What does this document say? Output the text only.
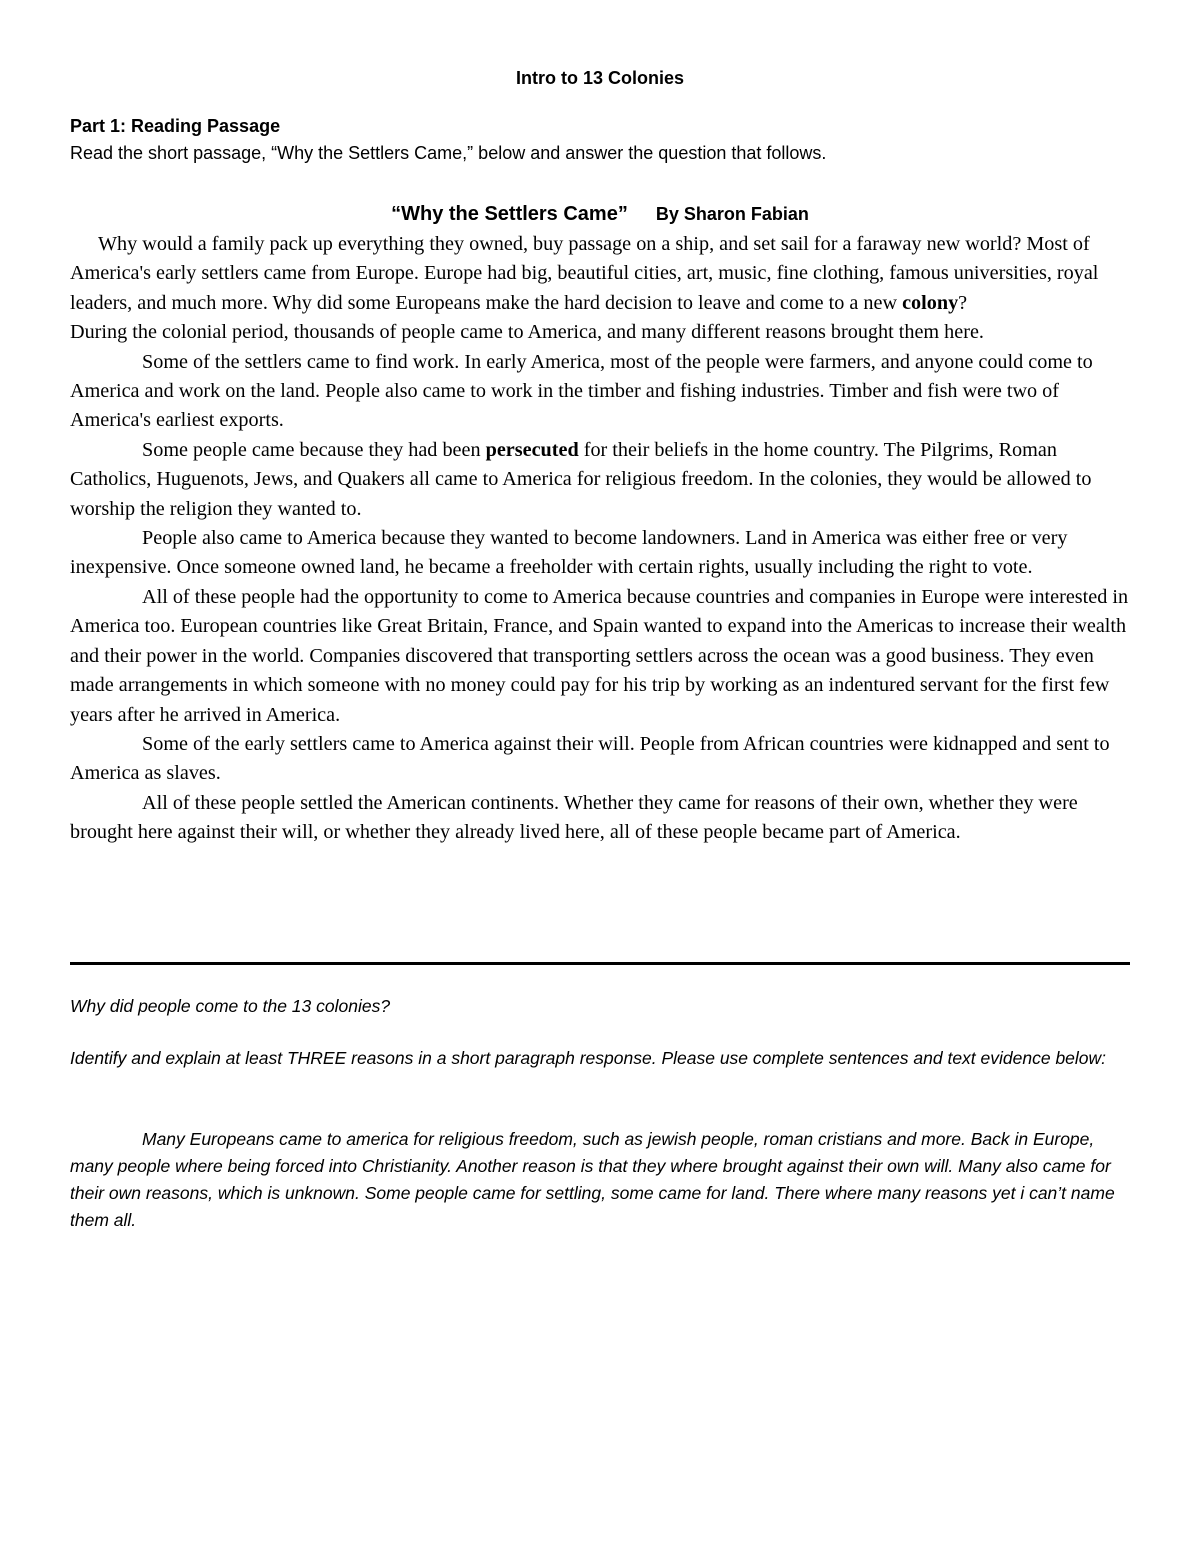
Intro to 13 Colonies
Part 1: Reading Passage
Read the short passage, “Why the Settlers Came,” below and answer the question that follows.
“Why the Settlers Came” By Sharon Fabian

Why would a family pack up everything they owned, buy passage on a ship, and set sail for a faraway new world? Most of America's early settlers came from Europe. Europe had big, beautiful cities, art, music, fine clothing, famous universities, royal leaders, and much more. Why did some Europeans make the hard decision to leave and come to a new colony?

During the colonial period, thousands of people came to America, and many different reasons brought them here.

Some of the settlers came to find work. In early America, most of the people were farmers, and anyone could come to America and work on the land. People also came to work in the timber and fishing industries. Timber and fish were two of America's earliest exports.

Some people came because they had been persecuted for their beliefs in the home country. The Pilgrims, Roman Catholics, Huguenots, Jews, and Quakers all came to America for religious freedom. In the colonies, they would be allowed to worship the religion they wanted to.

People also came to America because they wanted to become landowners. Land in America was either free or very inexpensive. Once someone owned land, he became a freeholder with certain rights, usually including the right to vote.

All of these people had the opportunity to come to America because countries and companies in Europe were interested in America too. European countries like Great Britain, France, and Spain wanted to expand into the Americas to increase their wealth and their power in the world. Companies discovered that transporting settlers across the ocean was a good business. They even made arrangements in which someone with no money could pay for his trip by working as an indentured servant for the first few years after he arrived in America.

Some of the early settlers came to America against their will. People from African countries were kidnapped and sent to America as slaves.

All of these people settled the American continents. Whether they came for reasons of their own, whether they were brought here against their will, or whether they already lived here, all of these people became part of America.

Why did people come to the 13 colonies?
Identify and explain at least THREE reasons in a short paragraph response. Please use complete sentences and text evidence below:
Many Europeans came to america for religious freedom, such as jewish people, roman cristians and more. Back in Europe, many people where being forced into Christianity. Another reason is that they where brought against their own will. Many also came for their own reasons, which is unknown. Some people came for settling, some came for land. There where many reasons yet i can’t name them all.
